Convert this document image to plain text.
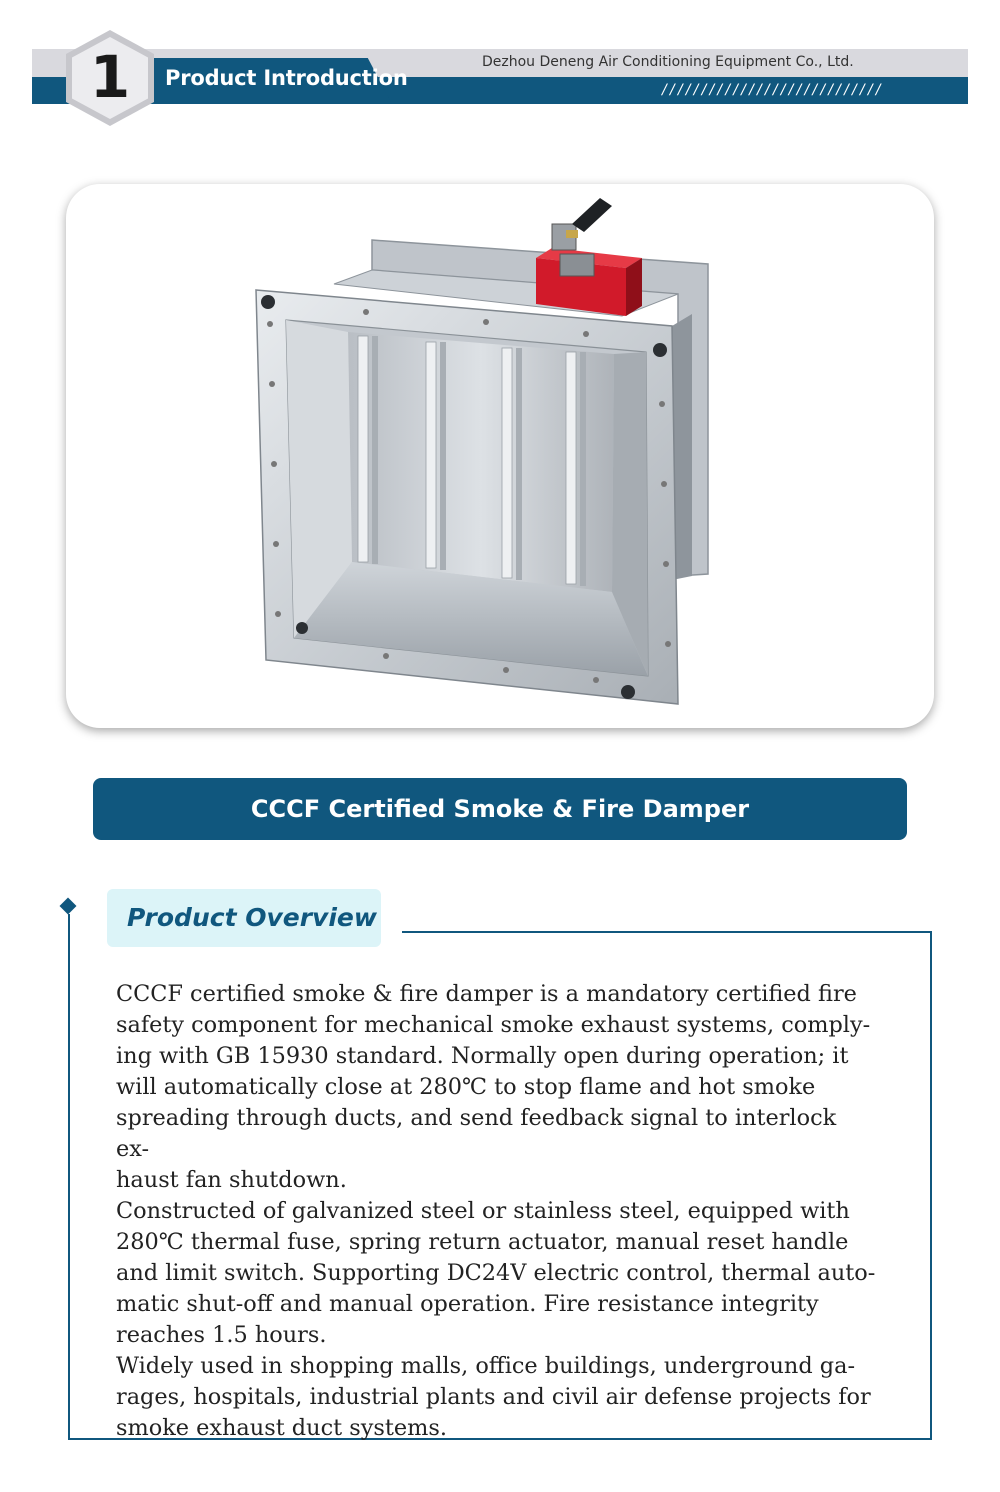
Product Introduction
Dezhou Deneng Air Conditioning Equipment Co., Ltd.
////////////////////////////
1
CCCF Certified Smoke & Fire Damper
Product Overview

CCCF certified smoke & fire damper is a mandatory certified fire

safety component for mechanical smoke exhaust systems, comply-

ing with GB 15930 standard. Normally open during operation; it

will automatically close at 280℃ to stop flame and hot smoke

spreading through ducts, and send feedback signal to interlock ex-

haust fan shutdown.

Constructed of galvanized steel or stainless steel, equipped with

280℃ thermal fuse, spring return actuator, manual reset handle

and limit switch. Supporting DC24V electric control, thermal auto-

matic shut-off and manual operation. Fire resistance integrity

reaches 1.5 hours.

Widely used in shopping malls, office buildings, underground ga-

rages, hospitals, industrial plants and civil air defense projects for

smoke exhaust duct systems.
